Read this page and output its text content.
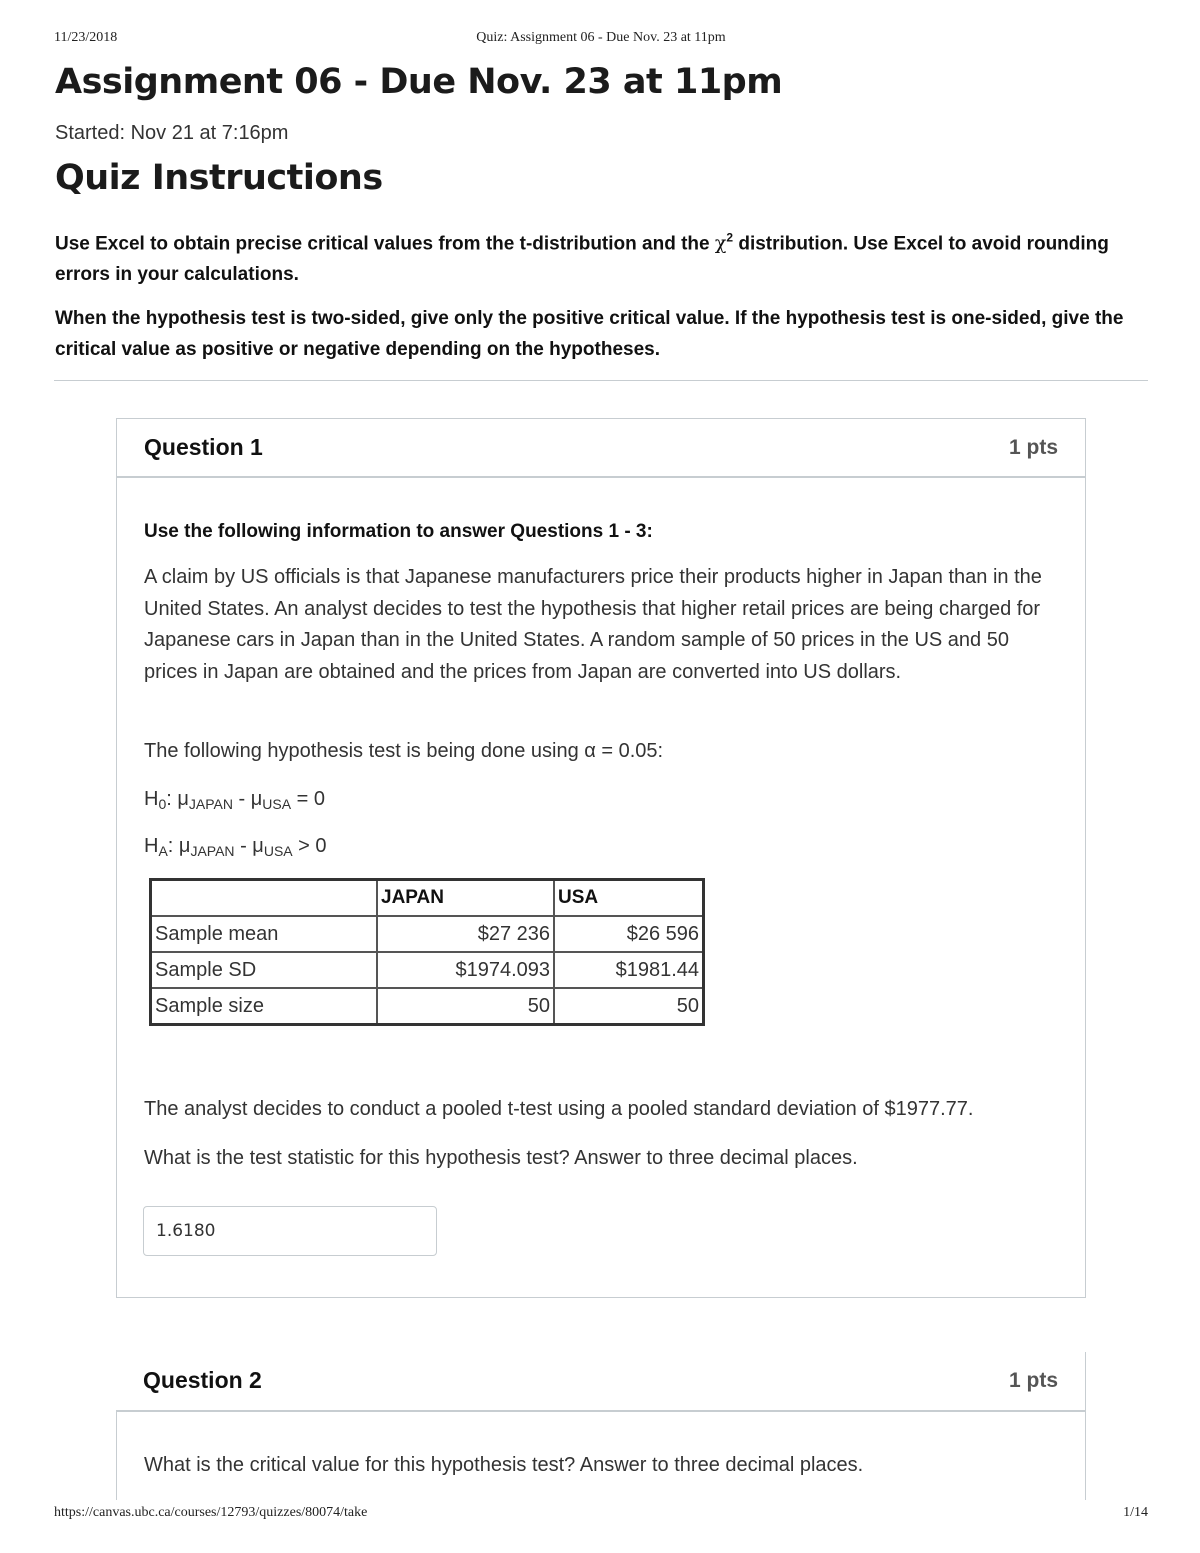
11/23/2018	Quiz: Assignment 06 - Due Nov. 23 at 11pm
Assignment 06 - Due Nov. 23 at 11pm
Started: Nov 21 at 7:16pm
Quiz Instructions
Use Excel to obtain precise critical values from the t-distribution and the $\chi^2$ distribution. Use Excel to avoid rounding errors in your calculations.
When the hypothesis test is two-sided, give only the positive critical value. If the hypothesis test is one-sided, give the critical value as positive or negative depending on the hypotheses.
Question 1	1 pts
Use the following information to answer Questions 1 - 3:
A claim by US officials is that Japanese manufacturers price their products higher in Japan than in the United States. An analyst decides to test the hypothesis that higher retail prices are being charged for Japanese cars in Japan than in the United States. A random sample of 50 prices in the US and 50 prices in Japan are obtained and the prices from Japan are converted into US dollars.
The following hypothesis test is being done using α = 0.05:
$H_0$: $\mu_{JAPAN} - \mu_{USA} = 0$
$H_A$: $\mu_{JAPAN} - \mu_{USA} > 0$
	JAPAN	USA
Sample mean	$27 236	$26 596
Sample SD	$1974.093	$1981.44
Sample size	50	50
The analyst decides to conduct a pooled t-test using a pooled standard deviation of $1977.77.
What is the test statistic for this hypothesis test? Answer to three decimal places.
1.6180
Question 2	1 pts
What is the critical value for this hypothesis test? Answer to three decimal places.
https://canvas.ubc.ca/courses/12793/quizzes/80074/take	1/14
